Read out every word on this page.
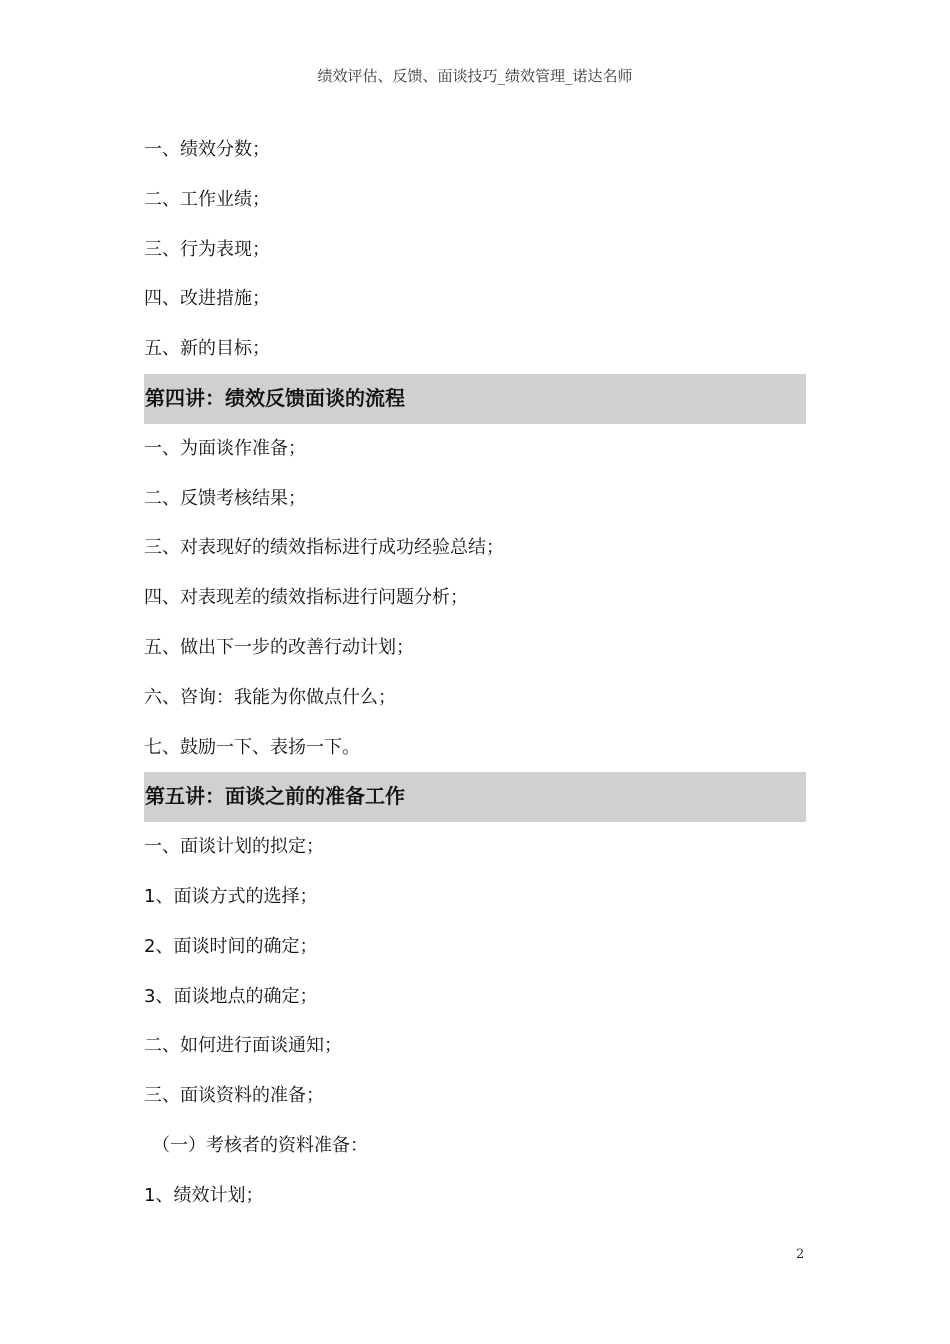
绩效评估、反馈、面谈技巧_绩效管理_诺达名师
一、绩效分数；
二、工作业绩；
三、行为表现；
四、改进措施；
五、新的目标；
第四讲：绩效反馈面谈的流程
一、为面谈作准备；
二、反馈考核结果；
三、对表现好的绩效指标进行成功经验总结；
四、对表现差的绩效指标进行问题分析；
五、做出下一步的改善行动计划；
六、咨询：我能为你做点什么；
七、鼓励一下、表扬一下。
第五讲：面谈之前的准备工作
一、面谈计划的拟定；
1、面谈方式的选择；
2、面谈时间的确定；
3、面谈地点的确定；
二、如何进行面谈通知；
三、面谈资料的准备；
（一）考核者的资料准备：
1、绩效计划；
2
